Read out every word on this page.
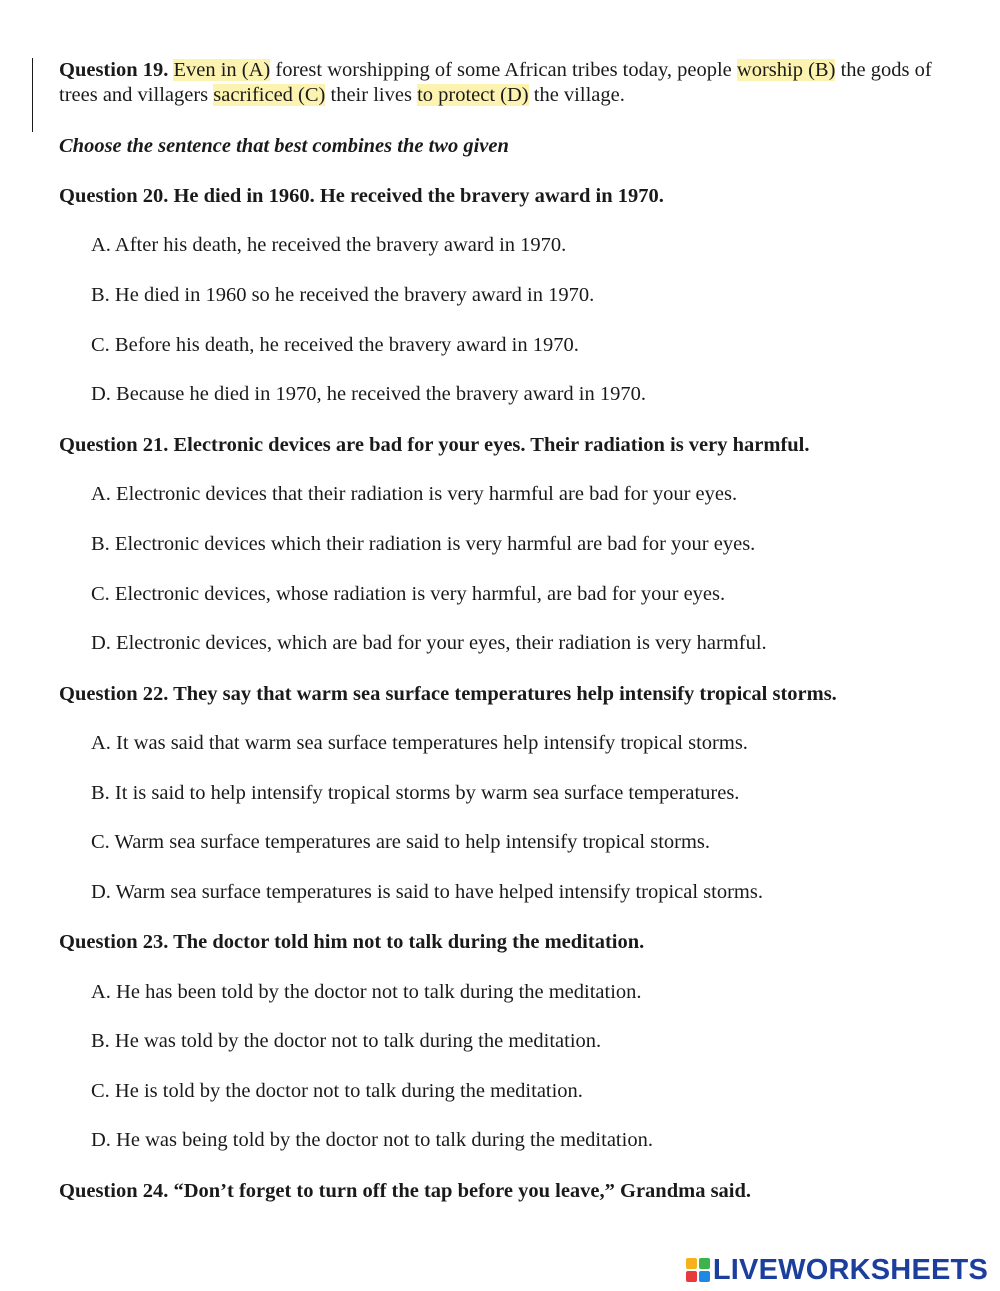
Question 19. Even in (A) forest worshipping of some African tribes today, people worship (B) the gods of trees and villagers sacrificed (C) their lives to protect (D) the village.

Choose the sentence that best combines the two given
Question 20. He died in 1960. He received the bravery award in 1970.
A. After his death, he received the bravery award in 1970.
B. He died in 1960 so he received the bravery award in 1970.
C. Before his death, he received the bravery award in 1970.
D. Because he died in 1970, he received the bravery award in 1970.
Question 21. Electronic devices are bad for your eyes. Their radiation is very harmful.
A. Electronic devices that their radiation is very harmful are bad for your eyes.
B. Electronic devices which their radiation is very harmful are bad for your eyes.
C. Electronic devices, whose radiation is very harmful, are bad for your eyes.
D. Electronic devices, which are bad for your eyes, their radiation is very harmful.
Question 22. They say that warm sea surface temperatures help intensify tropical storms.
A. It was said that warm sea surface temperatures help intensify tropical storms.
B. It is said to help intensify tropical storms by warm sea surface temperatures.
C. Warm sea surface temperatures are said to help intensify tropical storms.
D. Warm sea surface temperatures is said to have helped intensify tropical storms.
Question 23. The doctor told him not to talk during the meditation.
A. He has been told by the doctor not to talk during the meditation.
B. He was told by the doctor not to talk during the meditation.
C. He is told by the doctor not to talk during the meditation.
D. He was being told by the doctor not to talk during the meditation.
Question 24. “Don’t forget to turn off the tap before you leave,” Grandma said.
LIVEWORKSHEETS
